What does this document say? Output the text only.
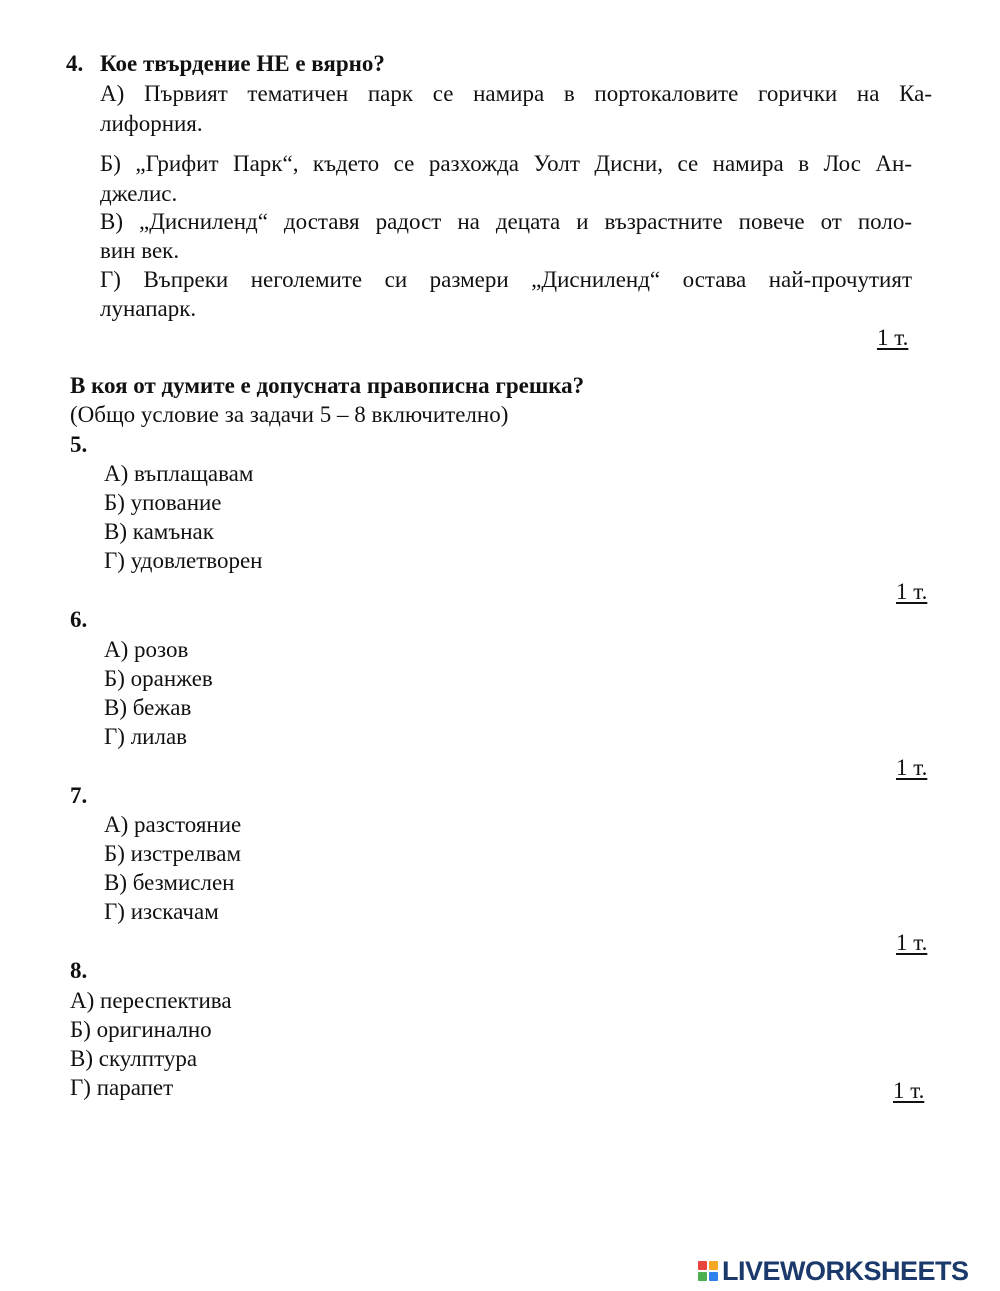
4. Кое твърдение НЕ е вярно?
А) Първият тематичен парк се намира в портокаловите горички на Ка-
лифорния.
Б) „Грифит Парк“, където се разхожда Уолт Дисни, се намира в Лос Ан-
джелис.
В) „Дисниленд“ доставя радост на децата и възрастните повече от поло-
вин век.
Г) Въпреки неголемите си размери „Дисниленд“ остава най-прочутият
лунапарк.
1 т.
В коя от думите е допусната правописна грешка?
(Общо условие за задачи 5 – 8 включително)
5.
А) въплащавам
Б) упование
В) камънак
Г) удовлетворен
1 т.
6.
А) розов
Б) оранжев
В) бежав
Г) лилав
1 т.
7.
А) разстояние
Б) изстрелвам
В) безмислен
Г) изскачам
1 т.
8.
А) переспектива
Б) оригинално
В) скулптура
Г) парапет	1 т.
LIVEWORKSHEETS
